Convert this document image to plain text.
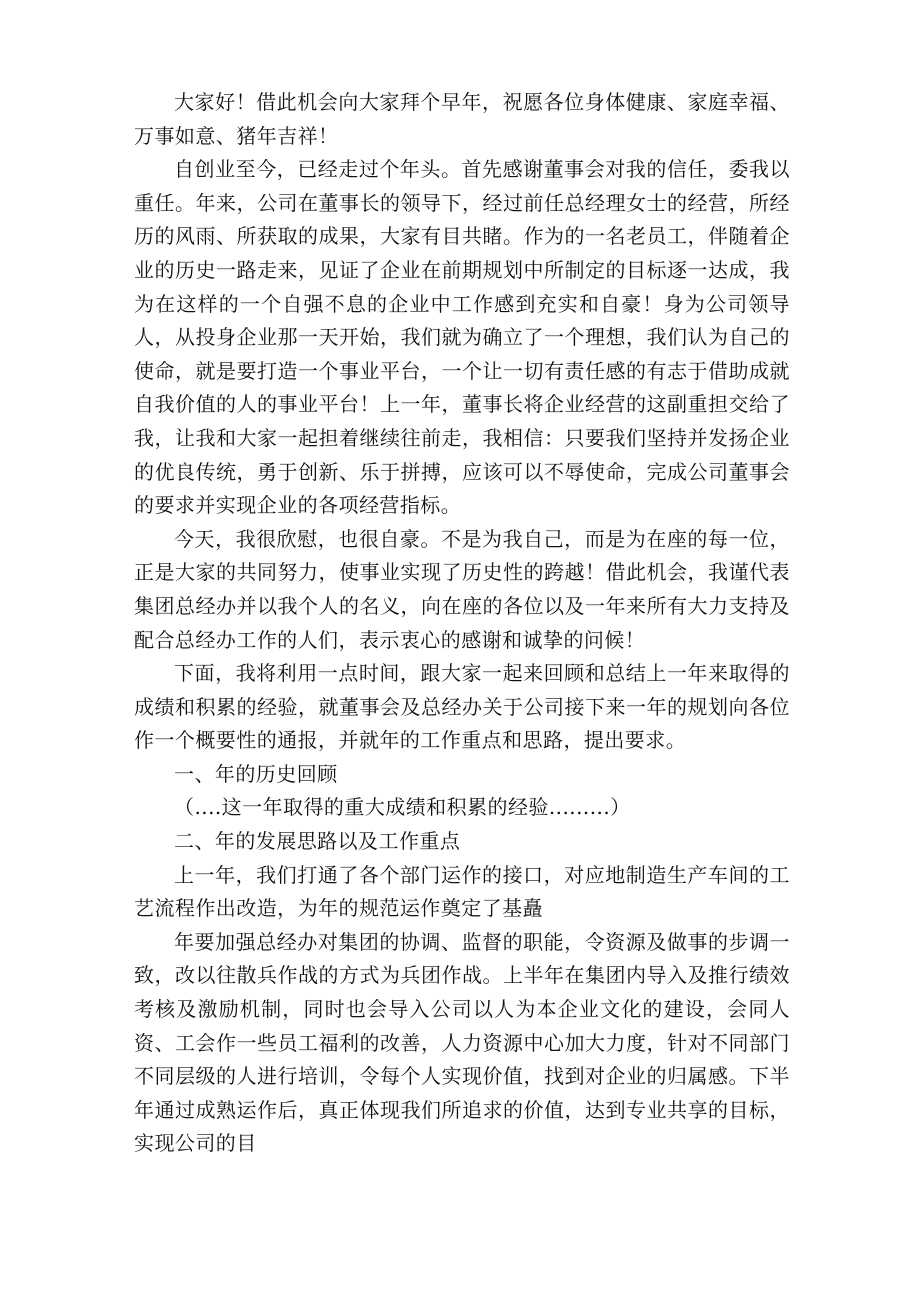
大家好！借此机会向大家拜个早年，祝愿各位身体健康、家庭幸福、万事如意、猪年吉祥！

自创业至今，已经走过个年头。首先感谢董事会对我的信任，委我以重任。年来，公司在董事长的领导下，经过前任总经理女士的经营，所经历的风雨、所获取的成果，大家有目共睹。作为的一名老员工，伴随着企业的历史一路走来，见证了企业在前期规划中所制定的目标逐一达成，我为在这样的一个自强不息的企业中工作感到充实和自豪！身为公司领导人，从投身企业那一天开始，我们就为确立了一个理想，我们认为自己的使命，就是要打造一个事业平台，一个让一切有责任感的有志于借助成就自我价值的人的事业平台！上一年，董事长将企业经营的这副重担交给了我，让我和大家一起担着继续往前走，我相信：只要我们坚持并发扬企业的优良传统，勇于创新、乐于拼搏，应该可以不辱使命，完成公司董事会的要求并实现企业的各项经营指标。

今天，我很欣慰，也很自豪。不是为我自己，而是为在座的每一位，正是大家的共同努力，使事业实现了历史性的跨越！借此机会，我谨代表集团总经办并以我个人的名义，向在座的各位以及一年来所有大力支持及配合总经办工作的人们，表示衷心的感谢和诚挚的问候！

下面，我将利用一点时间，跟大家一起来回顾和总结上一年来取得的成绩和积累的经验，就董事会及总经办关于公司接下来一年的规划向各位作一个概要性的通报，并就年的工作重点和思路，提出要求。

一、年的历史回顾

（....这一年取得的重大成绩和积累的经验.........）

二、年的发展思路以及工作重点

上一年，我们打通了各个部门运作的接口，对应地制造生产车间的工艺流程作出改造，为年的规范运作奠定了基矗

年要加强总经办对集团的协调、监督的职能，令资源及做事的步调一致，改以往散兵作战的方式为兵团作战。上半年在集团内导入及推行绩效考核及激励机制，同时也会导入公司以人为本企业文化的建设，会同人资、工会作一些员工福利的改善，人力资源中心加大力度，针对不同部门不同层级的人进行培训，令每个人实现价值，找到对企业的归属感。下半年通过成熟运作后，真正体现我们所追求的价值，达到专业共享的目标，实现公司的目
